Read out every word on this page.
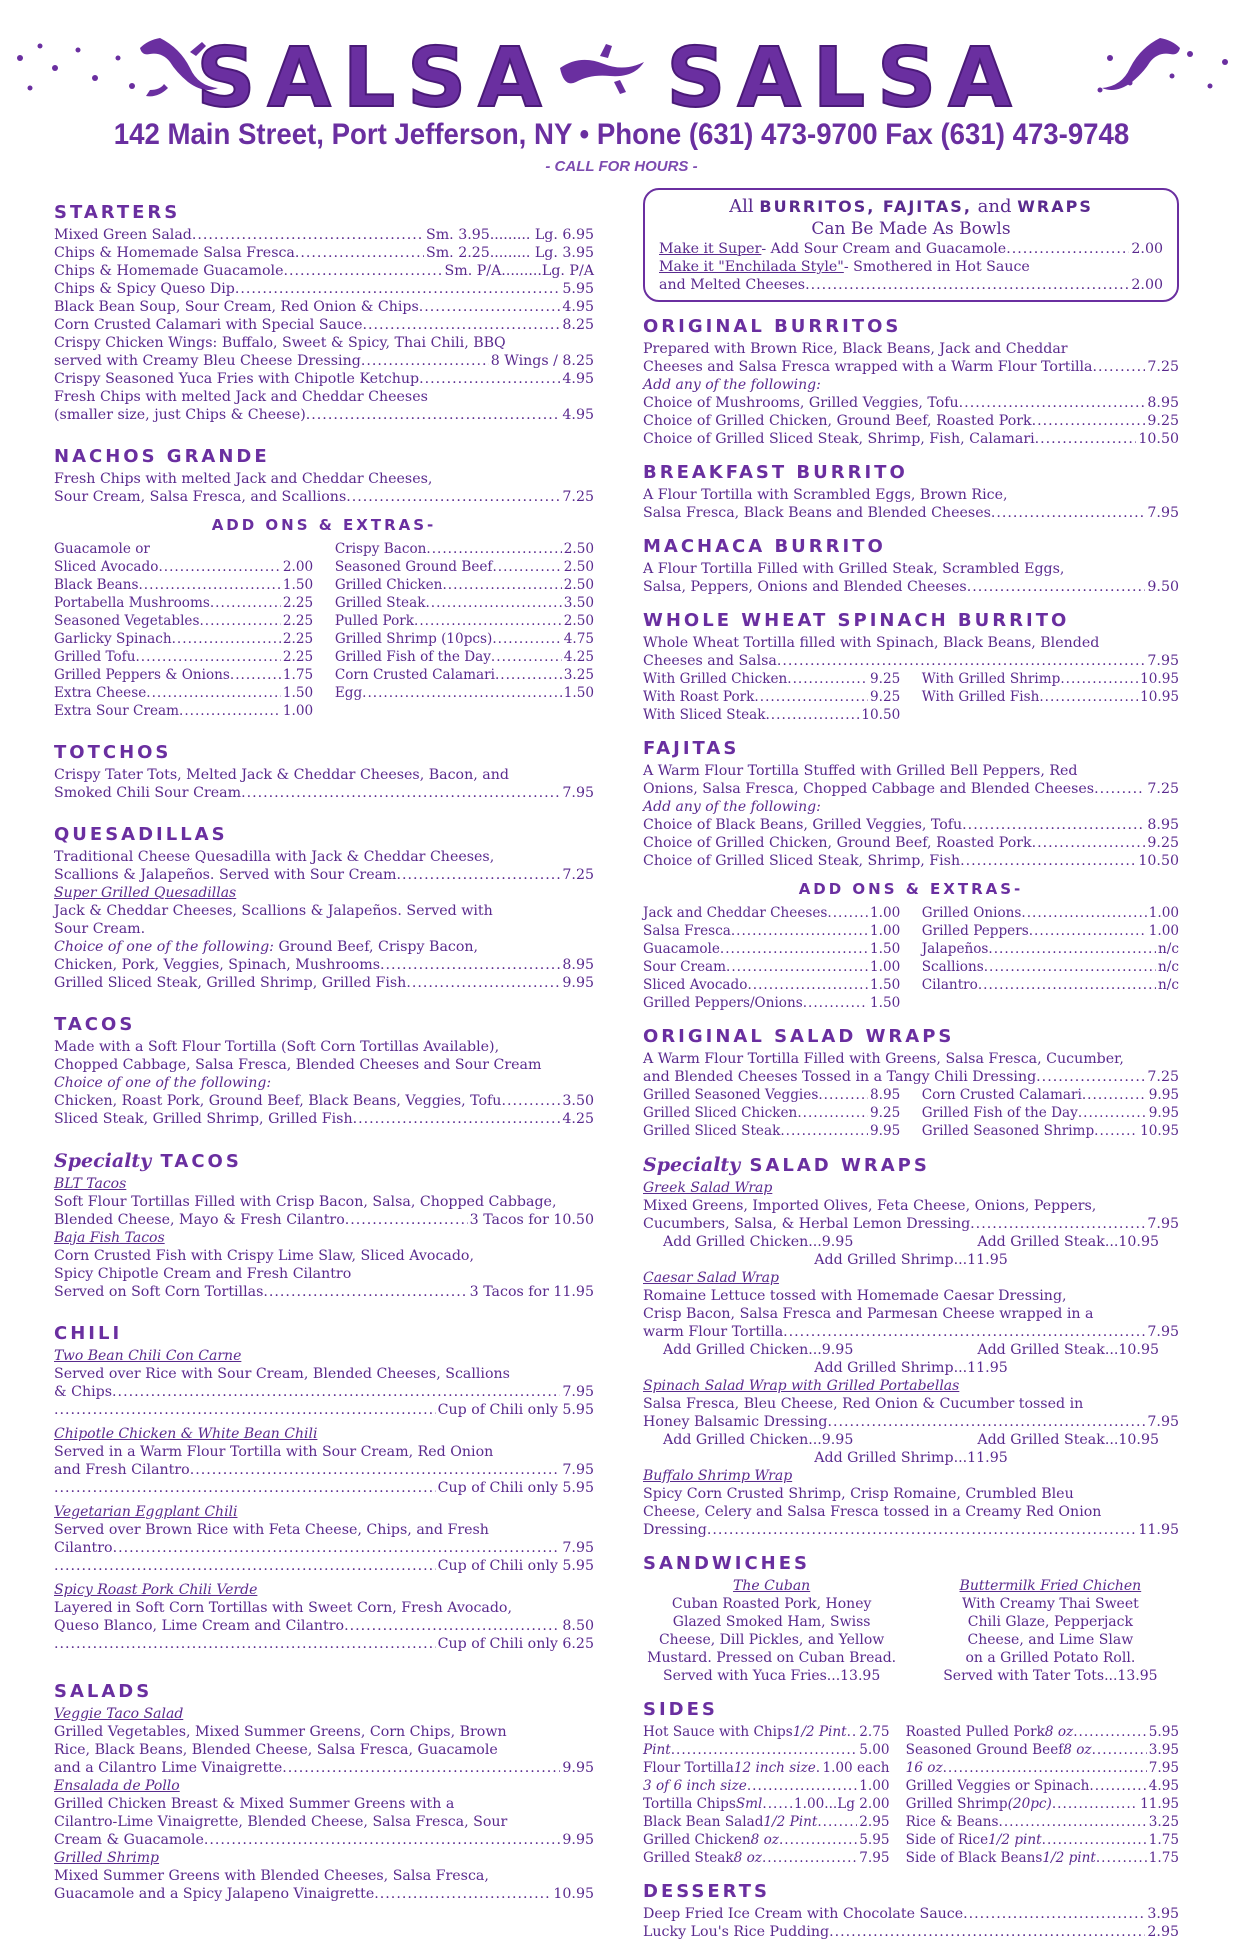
SALSA SALSA
142 Main Street, Port Jefferson, NY • Phone (631) 473-9700 Fax (631) 473-9748
- CALL FOR HOURS -
STARTERS
Mixed Green Salad .....	Sm. 3.95......... Lg. 6.95
Chips & Homemade Salsa Fresca .....	Sm. 2.25......... Lg. 3.95
Chips & Homemade Guacamole .....	Sm. P/A.........Lg. P/A
Chips & Spicy Queso Dip .....	5.95
Black Bean Soup, Sour Cream, Red Onion & Chips .....	4.95
Corn Crusted Calamari with Special Sauce .....	8.25
Crispy Chicken Wings: Buffalo, Sweet & Spicy, Thai Chili, BBQ
served with Creamy Bleu Cheese Dressing .....	8 Wings / 8.25
Crispy Seasoned Yuca Fries with Chipotle Ketchup .....	4.95
Fresh Chips with melted Jack and Cheddar Cheeses
(smaller size, just Chips & Cheese) .....	4.95
NACHOS GRANDE
Fresh Chips with melted Jack and Cheddar Cheeses,
Sour Cream, Salsa Fresca, and Scallions .....	7.25
ADD ONS & EXTRAS-
Guacamole or
Sliced Avocado .....	2.00
Black Beans .....	1.50
Portabella Mushrooms .....	2.25
Seasoned Vegetables .....	2.25
Garlicky Spinach .....	2.25
Grilled Tofu .....	2.25
Grilled Peppers & Onions .....	1.75
Extra Cheese .....	1.50
Extra Sour Cream .....	1.00
Crispy Bacon .....	2.50
Seasoned Ground Beef .....	2.50
Grilled Chicken .....	2.50
Grilled Steak .....	3.50
Pulled Pork .....	2.50
Grilled Shrimp (10pcs) .....	4.75
Grilled Fish of the Day .....	4.25
Corn Crusted Calamari .....	3.25
Egg .....	1.50
TOTCHOS
Crispy Tater Tots, Melted Jack & Cheddar Cheeses, Bacon, and
Smoked Chili Sour Cream .....	7.95
QUESADILLAS
Traditional Cheese Quesadilla with Jack & Cheddar Cheeses,
Scallions & Jalapeños. Served with Sour Cream .....	7.25
Super Grilled Quesadillas
Jack & Cheddar Cheeses, Scallions & Jalapeños. Served with
Sour Cream.
Choice of one of the following: Ground Beef, Crispy Bacon,
Chicken, Pork, Veggies, Spinach, Mushrooms .....	8.95
Grilled Sliced Steak, Grilled Shrimp, Grilled Fish .....	9.95
TACOS
Made with a Soft Flour Tortilla (Soft Corn Tortillas Available),
Chopped Cabbage, Salsa Fresca, Blended Cheeses and Sour Cream
Choice of one of the following:
Chicken, Roast Pork, Ground Beef, Black Beans, Veggies, Tofu .....	3.50
Sliced Steak, Grilled Shrimp, Grilled Fish .....	4.25
Specialty TACOS
BLT Tacos
Soft Flour Tortillas Filled with Crisp Bacon, Salsa, Chopped Cabbage,
Blended Cheese, Mayo & Fresh Cilantro .....	3 Tacos for 10.50
Baja Fish Tacos
Corn Crusted Fish with Crispy Lime Slaw, Sliced Avocado,
Spicy Chipotle Cream and Fresh Cilantro
Served on Soft Corn Tortillas .....	3 Tacos for 11.95
CHILI
Two Bean Chili Con Carne
Served over Rice with Sour Cream, Blended Cheeses, Scallions
& Chips .....	7.95
.....
Cup of Chili only 5.95
Chipotle Chicken & White Bean Chili
Served in a Warm Flour Tortilla with Sour Cream, Red Onion
and Fresh Cilantro .....	7.95
.....
Cup of Chili only 5.95
Vegetarian Eggplant Chili
Served over Brown Rice with Feta Cheese, Chips, and Fresh
Cilantro .....	7.95
.....
Cup of Chili only 5.95
Spicy Roast Pork Chili Verde
Layered in Soft Corn Tortillas with Sweet Corn, Fresh Avocado,
Queso Blanco, Lime Cream and Cilantro .....	8.50
.....
Cup of Chili only 6.25
SALADS
Veggie Taco Salad
Grilled Vegetables, Mixed Summer Greens, Corn Chips, Brown
Rice, Black Beans, Blended Cheese, Salsa Fresca, Guacamole
and a Cilantro Lime Vinaigrette .....	9.95
Ensalada de Pollo
Grilled Chicken Breast & Mixed Summer Greens with a
Cilantro-Lime Vinaigrette, Blended Cheese, Salsa Fresca, Sour
Cream & Guacamole .....	9.95
Grilled Shrimp
Mixed Summer Greens with Blended Cheeses, Salsa Fresca,
Guacamole and a Spicy Jalapeno Vinaigrette .....	10.95
All BURRITOS, FAJITAS, and WRAPS
Can Be Made As Bowls
Make it Super- Add Sour Cream and Guacamole .....	2.00
Make it "Enchilada Style"- Smothered in Hot Sauce
and Melted Cheeses .....	2.00
ORIGINAL BURRITOS
Prepared with Brown Rice, Black Beans, Jack and Cheddar
Cheeses and Salsa Fresca wrapped with a Warm Flour Tortilla .....	7.25
Add any of the following:
Choice of Mushrooms, Grilled Veggies, Tofu .....	8.95
Choice of Grilled Chicken, Ground Beef, Roasted Pork .....	9.25
Choice of Grilled Sliced Steak, Shrimp, Fish, Calamari .....	10.50
BREAKFAST BURRITO
A Flour Tortilla with Scrambled Eggs, Brown Rice,
Salsa Fresca, Black Beans and Blended Cheeses .....	7.95
MACHACA BURRITO
A Flour Tortilla Filled with Grilled Steak, Scrambled Eggs,
Salsa, Peppers, Onions and Blended Cheeses .....	9.50
WHOLE WHEAT SPINACH BURRITO
Whole Wheat Tortilla filled with Spinach, Black Beans, Blended
Cheeses and Salsa .....	7.95
With Grilled Chicken .....	9.25
With Roast Pork .....	9.25
With Sliced Steak .....	10.50
With Grilled Shrimp .....	10.95
With Grilled Fish .....	10.95
FAJITAS
A Warm Flour Tortilla Stuffed with Grilled Bell Peppers, Red
Onions, Salsa Fresca, Chopped Cabbage and Blended Cheeses .....	7.25
Add any of the following:
Choice of Black Beans, Grilled Veggies, Tofu .....	8.95
Choice of Grilled Chicken, Ground Beef, Roasted Pork .....	9.25
Choice of Grilled Sliced Steak, Shrimp, Fish .....	10.50
ADD ONS & EXTRAS-
Jack and Cheddar Cheeses .....	1.00
Salsa Fresca .....	1.00
Guacamole .....	1.50
Sour Cream .....	1.00
Sliced Avocado .....	1.50
Grilled Peppers/Onions .....	1.50
Grilled Onions .....	1.00
Grilled Peppers .....	1.00
Jalapeños .....	n/c
Scallions .....	n/c
Cilantro .....	n/c
ORIGINAL SALAD WRAPS
A Warm Flour Tortilla Filled with Greens, Salsa Fresca, Cucumber,
and Blended Cheeses Tossed in a Tangy Chili Dressing .....	7.25
Grilled Seasoned Veggies .....	8.95
Grilled Sliced Chicken .....	9.25
Grilled Sliced Steak .....	9.95
Corn Crusted Calamari .....	9.95
Grilled Fish of the Day .....	9.95
Grilled Seasoned Shrimp .....	10.95
Specialty SALAD WRAPS
Greek Salad Wrap
Mixed Greens, Imported Olives, Feta Cheese, Onions, Peppers,
Cucumbers, Salsa, & Herbal Lemon Dressing .....	7.95
Add Grilled Chicken...9.95	Add Grilled Steak...10.95
Add Grilled Shrimp...11.95
Caesar Salad Wrap
Romaine Lettuce tossed with Homemade Caesar Dressing,
Crisp Bacon, Salsa Fresca and Parmesan Cheese wrapped in a
warm Flour Tortilla .....	7.95
Add Grilled Chicken...9.95	Add Grilled Steak...10.95
Add Grilled Shrimp...11.95
Spinach Salad Wrap with Grilled Portabellas
Salsa Fresca, Bleu Cheese, Red Onion & Cucumber tossed in
Honey Balsamic Dressing .....	7.95
Add Grilled Chicken...9.95	Add Grilled Steak...10.95
Add Grilled Shrimp...11.95
Buffalo Shrimp Wrap
Spicy Corn Crusted Shrimp, Crisp Romaine, Crumbled Bleu
Cheese, Celery and Salsa Fresca tossed in a Creamy Red Onion
Dressing .....	11.95
SANDWICHES
The Cuban
Cuban Roasted Pork, Honey
Glazed Smoked Ham, Swiss
Cheese, Dill Pickles, and Yellow
Mustard. Pressed on Cuban Bread.
Served with Yuca Fries...13.95
Buttermilk Fried Chichen
With Creamy Thai Sweet
Chili Glaze, Pepperjack
Cheese, and Lime Slaw
on a Grilled Potato Roll.
Served with Tater Tots...13.95
SIDES
Hot Sauce with Chips 1/2 Pint ..... 2.75
Pint .....	5.00
Flour Tortilla 12 inch size ..... 1.00 each
3 of 6 inch size .....	1.00
Tortilla Chips Sml ..... 1.00...Lg 2.00
Black Bean Salad 1/2 Pint .....	2.95
Grilled Chicken 8 oz .....	5.95
Grilled Steak 8 oz .....	7.95
Roasted Pulled Pork 8 oz .....	5.95
Seasoned Ground Beef 8 oz .....	3.95
16 oz .....	7.95
Grilled Veggies or Spinach .....	4.95
Grilled Shrimp (20pc) .....	11.95
Rice & Beans .....	3.25
Side of Rice 1/2 pint .....	1.75
Side of Black Beans 1/2 pint .....	1.75
DESSERTS
Deep Fried Ice Cream with Chocolate Sauce .....	3.95
Lucky Lou's Rice Pudding .....	2.95
